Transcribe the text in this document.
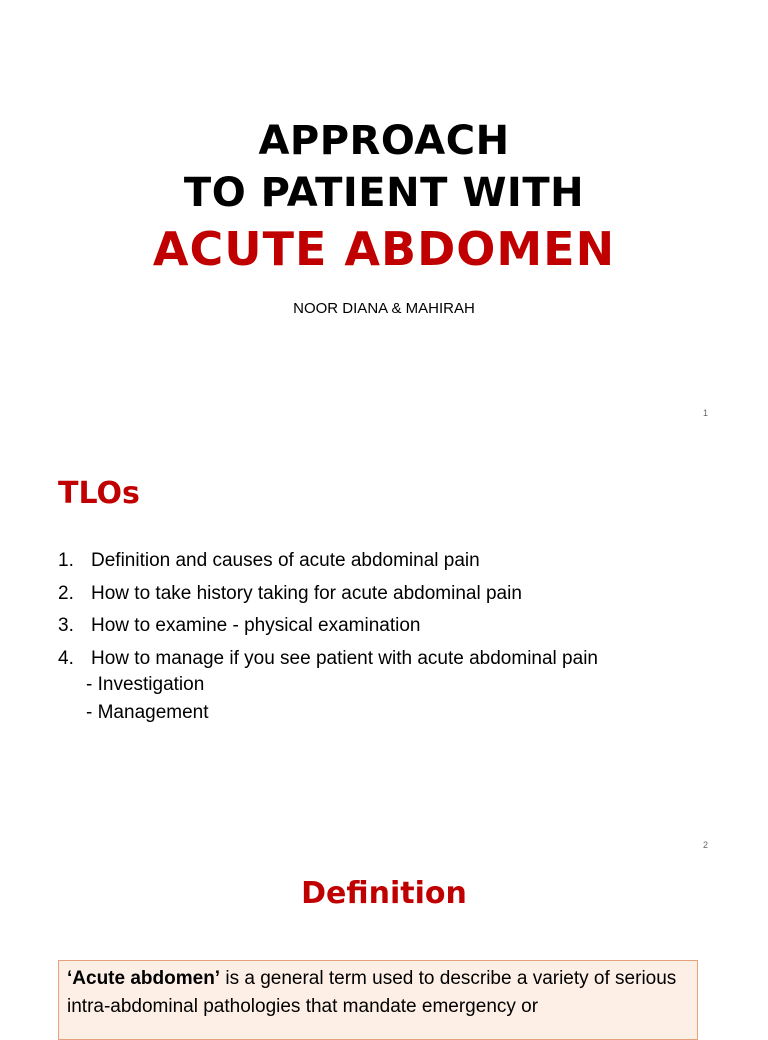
APPROACH
TO PATIENT WITH
ACUTE ABDOMEN
NOOR DIANA & MAHIRAH
1
TLOs
1. Definition and causes of acute abdominal pain
2. How to take history taking for acute abdominal pain
3. How to examine - physical examination
4. How to manage if you see patient with acute abdominal pain
- Investigation
- Management
2
Definition
‘Acute abdomen’ is a general term used to describe a variety of serious intra-abdominal pathologies that mandate emergency or
